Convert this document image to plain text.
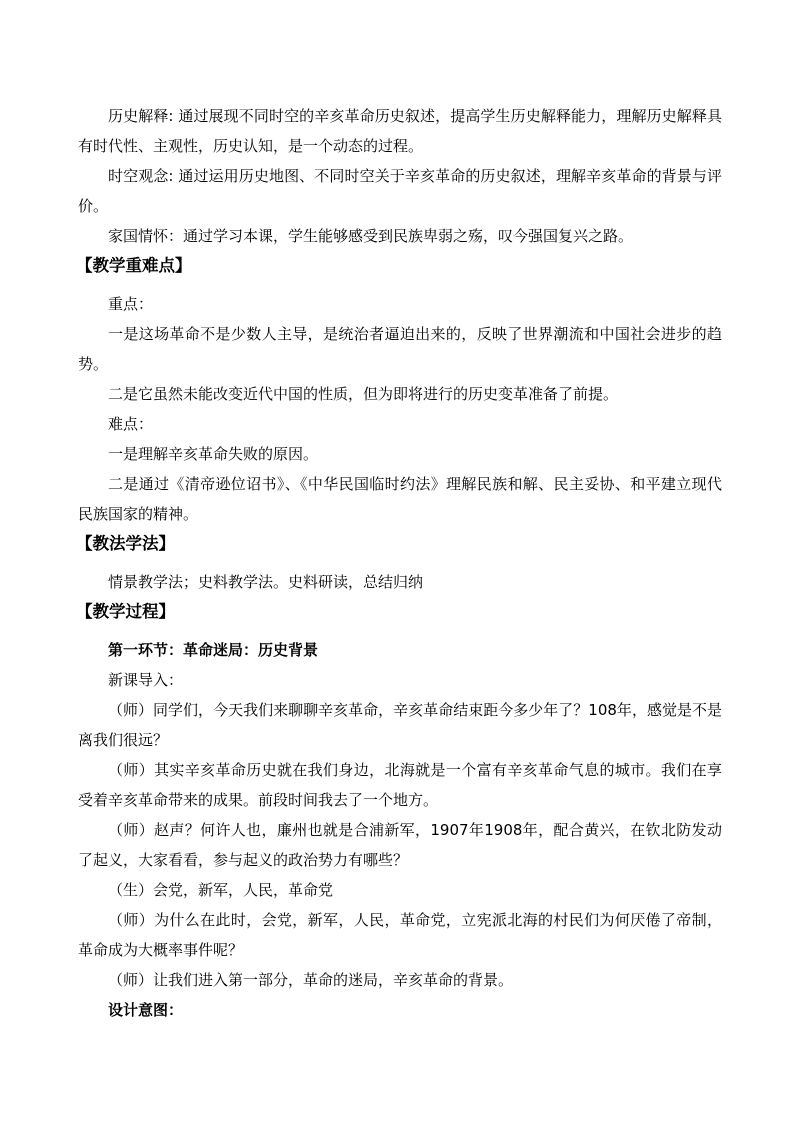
历史解释: 通过展现不同时空的辛亥革命历史叙述，提高学生历史解释能力，理解历史解释具有时代性、主观性，历史认知，是一个动态的过程。

时空观念: 通过运用历史地图、不同时空关于辛亥革命的历史叙述，理解辛亥革命的背景与评价。

家国情怀：通过学习本课，学生能够感受到民族卑弱之殇，叹今强国复兴之路。

【教学重难点】

重点：

一是这场革命不是少数人主导，是统治者逼迫出来的，反映了世界潮流和中国社会进步的趋势。

二是它虽然未能改变近代中国的性质，但为即将进行的历史变革准备了前提。

难点：

一是理解辛亥革命失败的原因。

二是通过《清帝逊位诏书》、《中华民国临时约法》理解民族和解、民主妥协、和平建立现代民族国家的精神。

【教法学法】

情景教学法；史料教学法。史料研读，总结归纳

【教学过程】

第一环节：革命迷局：历史背景

新课导入：

（师）同学们，今天我们来聊聊辛亥革命，辛亥革命结束距今多少年了？108年，感觉是不是离我们很远？

（师）其实辛亥革命历史就在我们身边，北海就是一个富有辛亥革命气息的城市。我们在享受着辛亥革命带来的成果。前段时间我去了一个地方。

（师）赵声？何许人也，廉州也就是合浦新军，1907年1908年，配合黄兴，在钦北防发动了起义，大家看看，参与起义的政治势力有哪些？

（生）会党，新军，人民，革命党

（师）为什么在此时，会党，新军，人民，革命党，立宪派北海的村民们为何厌倦了帝制，革命成为大概率事件呢？

（师）让我们进入第一部分，革命的迷局，辛亥革命的背景。

设计意图：
